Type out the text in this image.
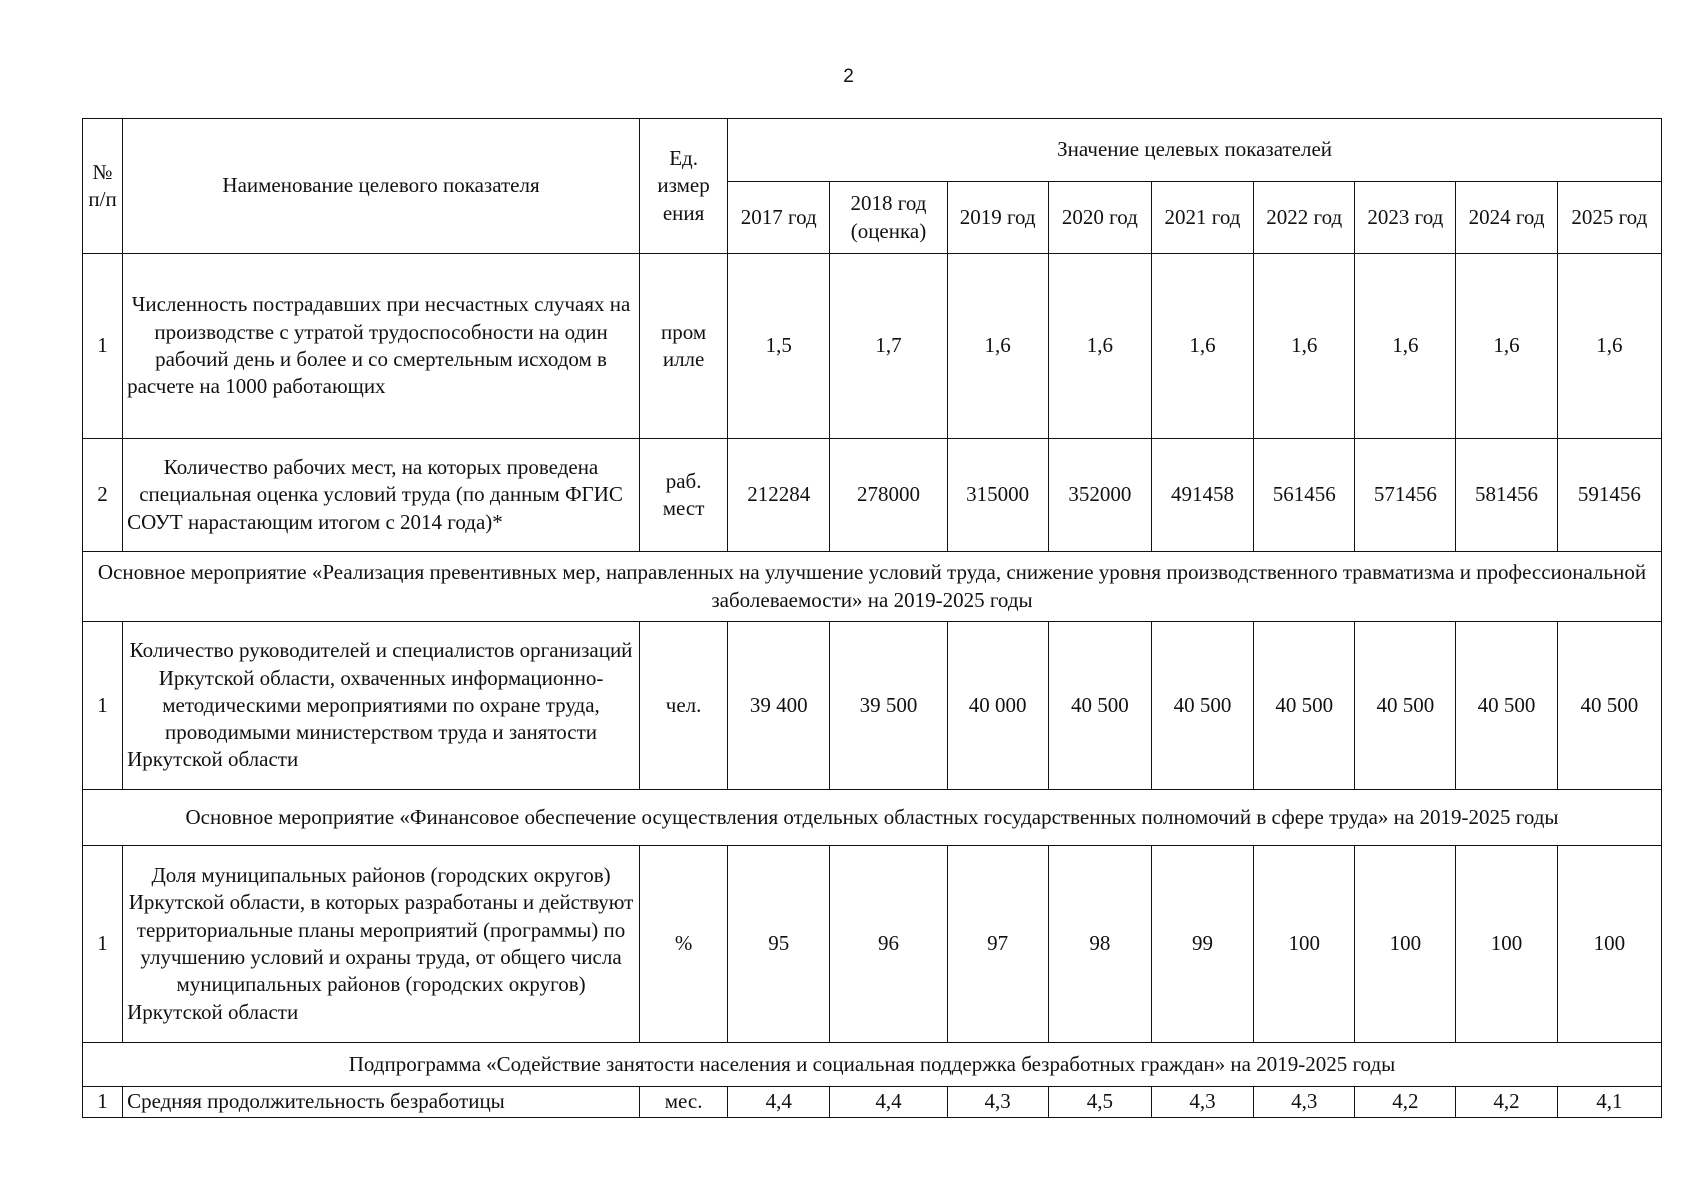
2
№ п/п	Наименование целевого показателя	Ед. измер ения	Значение целевых показателей								
			2017 год	2018 год (оценка)	2019 год	2020 год	2021 год	2022 год	2023 год	2024 год	2025 год
1	Численность пострадавших при несчастных случаях на производстве с утратой трудоспособности на один рабочий день и более и со смертельным исходом в расчете на 1000 работающих	пром илле	1,5	1,7	1,6	1,6	1,6	1,6	1,6	1,6	1,6
2	Количество рабочих мест, на которых проведена специальная оценка условий труда (по данным ФГИС СОУТ нарастающим итогом с 2014 года)*	раб. мест	212284	278000	315000	352000	491458	561456	571456	581456	591456
Основное мероприятие «Реализация превентивных мер, направленных на улучшение условий труда, снижение уровня производственного травматизма и профессиональной заболеваемости» на 2019-2025 годы											
1	Количество руководителей и специалистов организаций Иркутской области, охваченных информационно-методическими мероприятиями по охране труда, проводимыми министерством труда и занятости Иркутской области	чел.	39 400	39 500	40 000	40 500	40 500	40 500	40 500	40 500	40 500
Основное мероприятие «Финансовое обеспечение осуществления отдельных областных государственных полномочий в сфере труда» на 2019-2025 годы											
1	Доля муниципальных районов (городских округов) Иркутской области, в которых разработаны и действуют территориальные планы мероприятий (программы) по улучшению условий и охраны труда, от общего числа муниципальных районов (городских округов) Иркутской области	%	95	96	97	98	99	100	100	100	100
Подпрограмма «Содействие занятости населения и социальная поддержка безработных граждан» на 2019-2025 годы											
1	Средняя продолжительность безработицы	мес.	4,4	4,4	4,3	4,5	4,3	4,3	4,2	4,2	4,1
